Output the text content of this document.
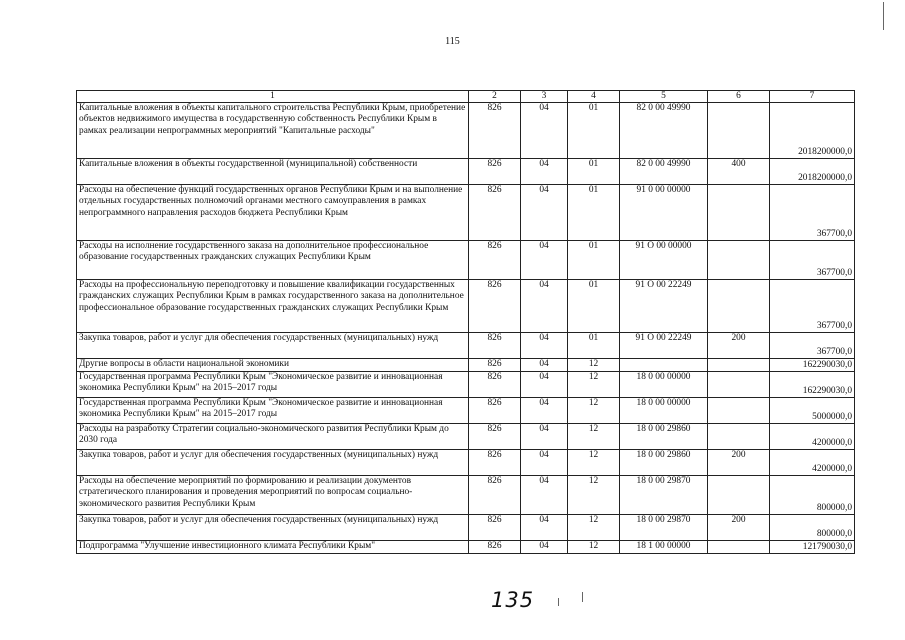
115
1	2	3	4	5	6	7
Капитальные вложения в объекты капитального строительства Республики Крым, приобретение объектов недвижимого имущества в государственную собственность Республики Крым в рамках реализации непрограммных мероприятий "Капитальные расходы"	826	04	01	82 0 00 49990		2018200000,0
Капитальные вложения в объекты государственной (муниципальной) собственности	826	04	01	82 0 00 49990	400	2018200000,0
Расходы на обеспечение функций государственных органов Республики Крым и на выполнение отдельных государственных полномочий органами местного самоуправления в рамках непрограммного направления расходов бюджета Республики Крым	826	04	01	91 0 00 00000		367700,0
Расходы на исполнение государственного заказа на дополнительное профессиональное образование государственных гражданских служащих Республики Крым	826	04	01	91 О 00 00000		367700,0
Расходы на профессиональную переподготовку и повышение квалификации государственных гражданских служащих Республики Крым в рамках государственного заказа на дополнительное профессиональное образование государственных гражданских служащих Республики Крым	826	04	01	91 О 00 22249		367700,0
Закупка товаров, работ и услуг для обеспечения государственных (муниципальных) нужд	826	04	01	91 О 00 22249	200	367700,0
Другие вопросы в области национальной экономики	826	04	12			162290030,0
Государственная программа Республики Крым "Экономическое развитие и инновационная экономика Республики Крым" на 2015–2017 годы	826	04	12	18 0 00 00000		162290030,0
Государственная программа Республики Крым "Экономическое развитие и инновационная экономика Республики Крым" на 2015–2017 годы	826	04	12	18 0 00 00000		5000000,0
Расходы на разработку Стратегии социально-экономического развития Республики Крым до 2030 года	826	04	12	18 0 00 29860		4200000,0
Закупка товаров, работ и услуг для обеспечения государственных (муниципальных) нужд	826	04	12	18 0 00 29860	200	4200000,0
Расходы на обеспечение мероприятий по формированию и реализации документов стратегического планирования и проведения мероприятий по вопросам социально-экономического развития Республики Крым	826	04	12	18 0 00 29870		800000,0
Закупка товаров, работ и услуг для обеспечения государственных (муниципальных) нужд	826	04	12	18 0 00 29870	200	800000,0
Подпрограмма "Улучшение инвестиционного климата Республики Крым"	826	04	12	18 1 00 00000		121790030,0
135
